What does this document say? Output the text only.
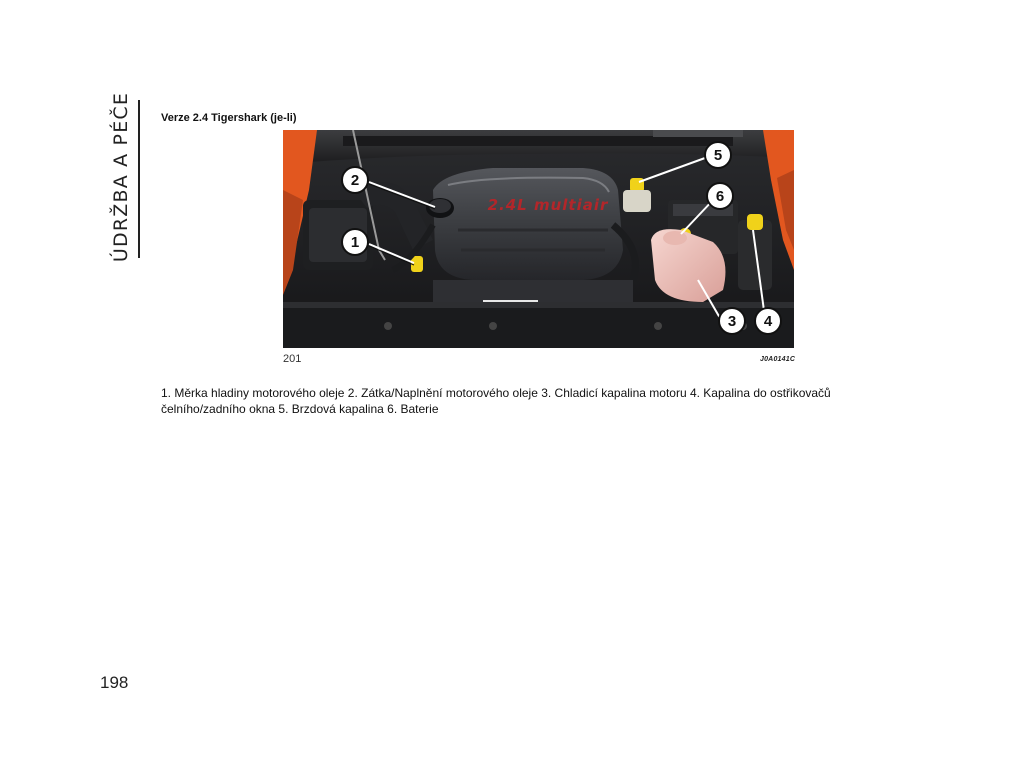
ÚDRŽBA A PÉČE	Verze 2.4 Tigershark (je-li)
2.4L multiair
1
2
3 4
5
6
201	J0A0141C
1. Měrka hladiny motorového oleje 2. Zátka/Naplnění motorového oleje 3. Chladicí kapalina motoru 4. Kapalina do ostřikovačů čelního/zadního okna 5. Brzdová kapalina 6. Baterie
198
